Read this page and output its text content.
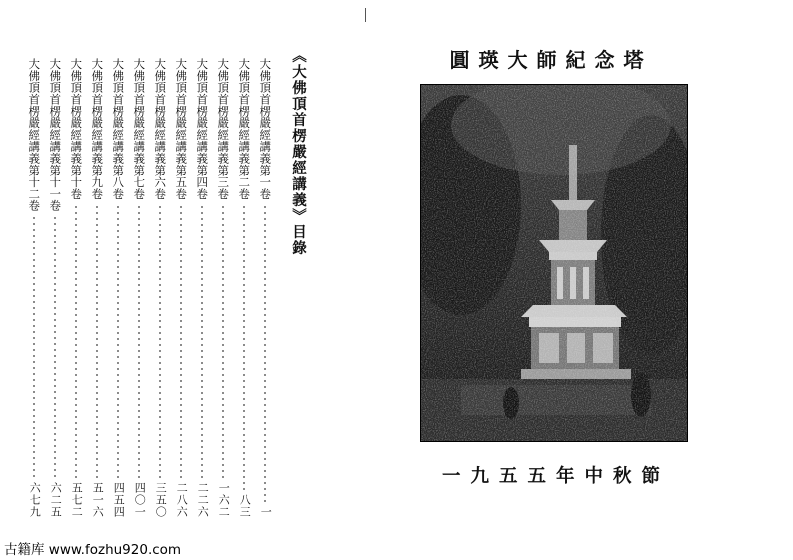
《大佛頂首楞嚴經講義》目錄
大佛頂首楞嚴經講義第一卷
一
大佛頂首楞嚴經講義第二卷
八三
大佛頂首楞嚴經講義第三卷
一六二
大佛頂首楞嚴經講義第四卷
二二六
大佛頂首楞嚴經講義第五卷
二八六
大佛頂首楞嚴經講義第六卷
三五〇
大佛頂首楞嚴經講義第七卷
四〇一
大佛頂首楞嚴經講義第八卷
四五四
大佛頂首楞嚴經講義第九卷
五一六
大佛頂首楞嚴經講義第十卷
五七二
大佛頂首楞嚴經講義第十一卷
六二五
大佛頂首楞嚴經講義第十二卷
六七九
圓瑛大師紀念塔
一九五五年中秋節
古籍库 www.fozhu920.com
